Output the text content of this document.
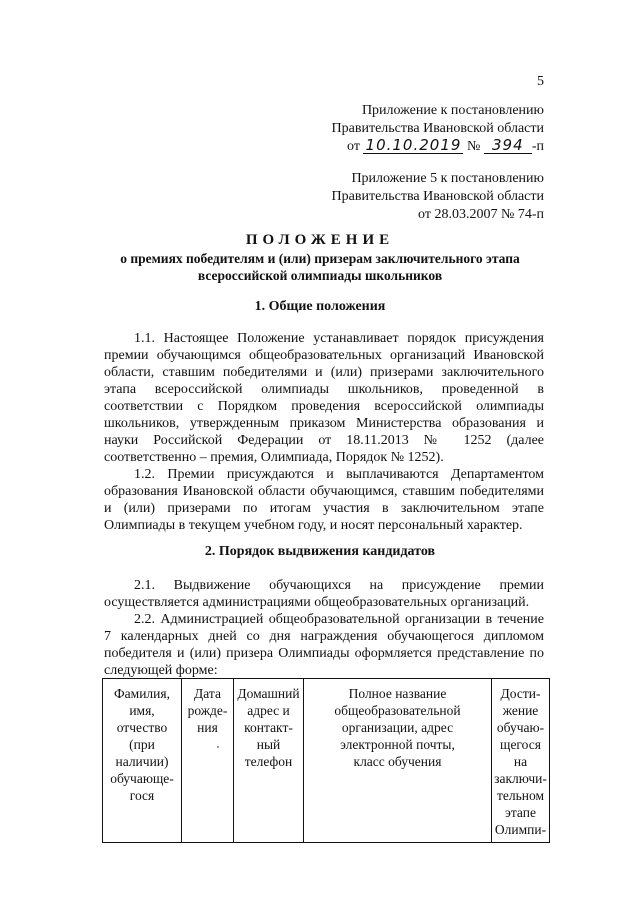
5
Приложение к постановлению
Правительства Ивановской области
от 10.10.2019 № 394 -п
Приложение 5 к постановлению
Правительства Ивановской области
от 28.03.2007 № 74-п
ПОЛОЖЕНИЕ
о премиях победителям и (или) призерам заключительного этапа
всероссийской олимпиады школьников
1. Общие положения
1.1. Настоящее Положение устанавливает порядок присуждения премии обучающимся общеобразовательных организаций Ивановской области, ставшим победителями и (или) призерами заключительного этапа всероссийской олимпиады школьников, проведенной в соответствии с Порядком проведения всероссийской олимпиады школьников, утвержденным приказом Министерства образования и науки Российской Федерации от 18.11.2013 № 1252 (далее соответственно – премия, Олимпиада, Порядок № 1252).
1.2. Премии присуждаются и выплачиваются Департаментом образования Ивановской области обучающимся, ставшим победителями и (или) призерами по итогам участия в заключительном этапе Олимпиады в текущем учебном году, и носят персональный характер.
2. Порядок выдвижения кандидатов
2.1. Выдвижение обучающихся на присуждение премии осуществляется администрациями общеобразовательных организаций.
2.2. Администрацией общеобразовательной организации в течение 7 календарных дней со дня награждения обучающегося дипломом победителя и (или) призера Олимпиады оформляется представление по следующей форме:
Фамилия,
имя,
отчество
(при
наличии)
обучающе-
гося

Дата
рожде-
ния

Домашний
адрес и
контакт-
ный
телефон

Полное название
общеобразовательной
организации, адрес
электронной почты,
класс обучения

Дости-
жение
обучаю-
щегося
на
заключи-
тельном
этапе
Олимпи-
